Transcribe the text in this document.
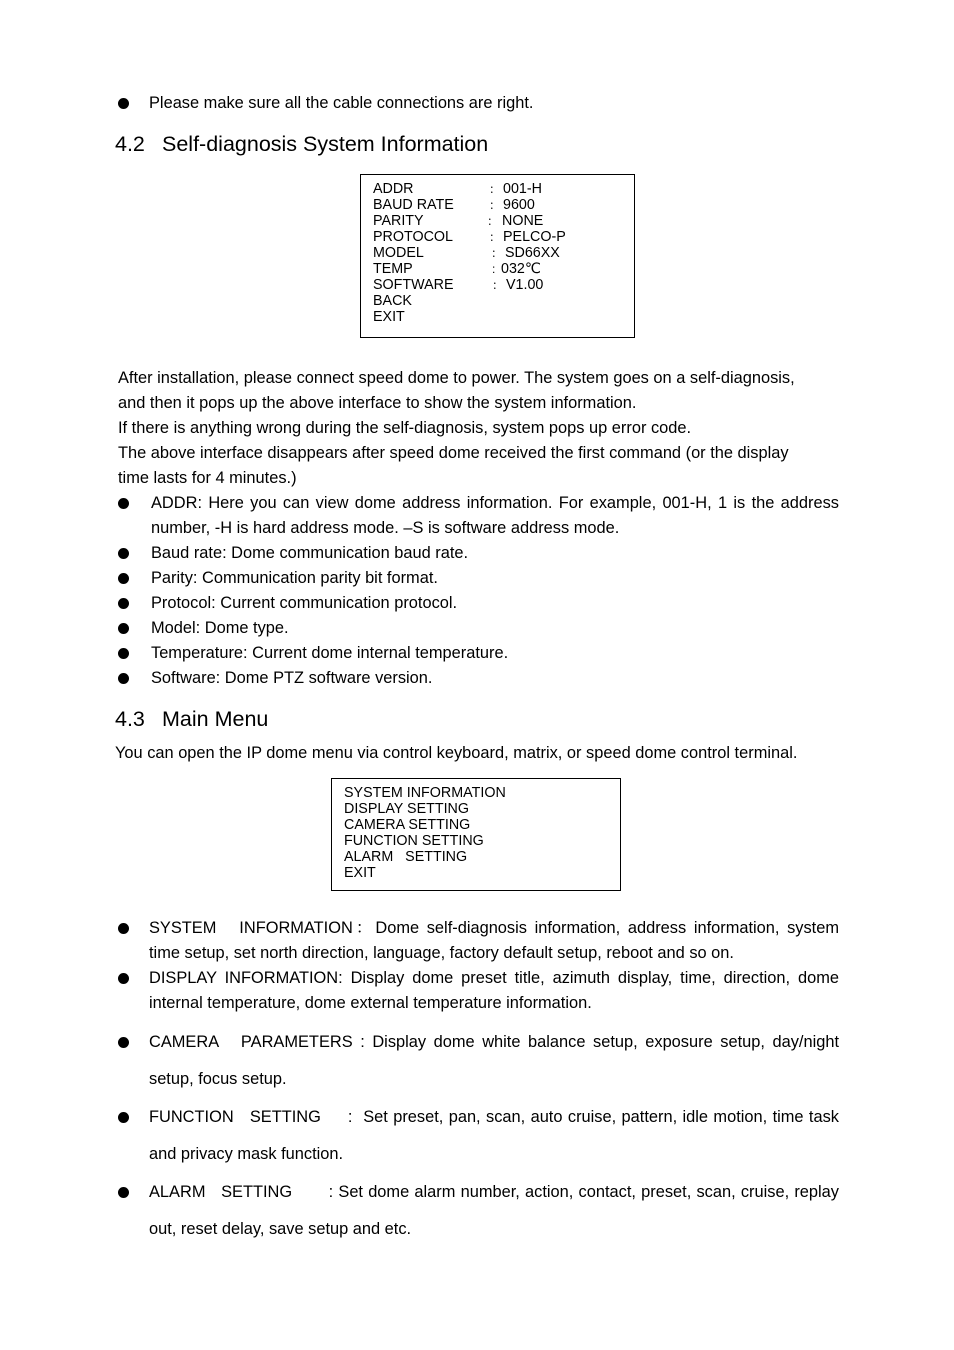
Please make sure all the cable connections are right.
4.2 Self-diagnosis System Information
ADDR	： 001-H
BAUD RATE	： 9600
PARITY	： NONE
PROTOCOL	： PELCO-P
MODEL	： SD66XX
TEMP	: 032℃
SOFTWARE	： V1.00
BACK
EXIT
After installation, please connect speed dome to power. The system goes on a self-diagnosis,
and then it pops up the above interface to show the system information.
If there is anything wrong during the self-diagnosis, system pops up error code.
The above interface disappears after speed dome received the first command (or the display
time lasts for 4 minutes.)
ADDR: Here you can view dome address information. For example, 001-H, 1 is the address
number, -H is hard address mode. –S is software address mode.
Baud rate: Dome communication baud rate.
Parity: Communication parity bit format.
Protocol: Current communication protocol.
Model: Dome type.
Temperature: Current dome internal temperature.
Software: Dome PTZ software version.
4.3 Main Menu
You can open the IP dome menu via control keyboard, matrix, or speed dome control terminal.
SYSTEM INFORMATION
DISPLAY SETTING
CAMERA SETTING
FUNCTION SETTING
ALARM   SETTING
EXIT
SYSTEM   INFORMATION：Dome self-diagnosis information, address information, system
time setup, set north direction, language, factory default setup, reboot and so on.
DISPLAY INFORMATION: Display dome preset title, azimuth display, time, direction, dome
internal temperature, dome external temperature information.
CAMERA   PARAMETERS : Display dome white balance setup, exposure setup, day/night
setup, focus setup.
FUNCTION   SETTING     :  Set preset, pan, scan, auto cruise, pattern, idle motion, time task
and privacy mask function.
ALARM   SETTING       : Set dome alarm number, action, contact, preset, scan, cruise, replay
out, reset delay, save setup and etc.
